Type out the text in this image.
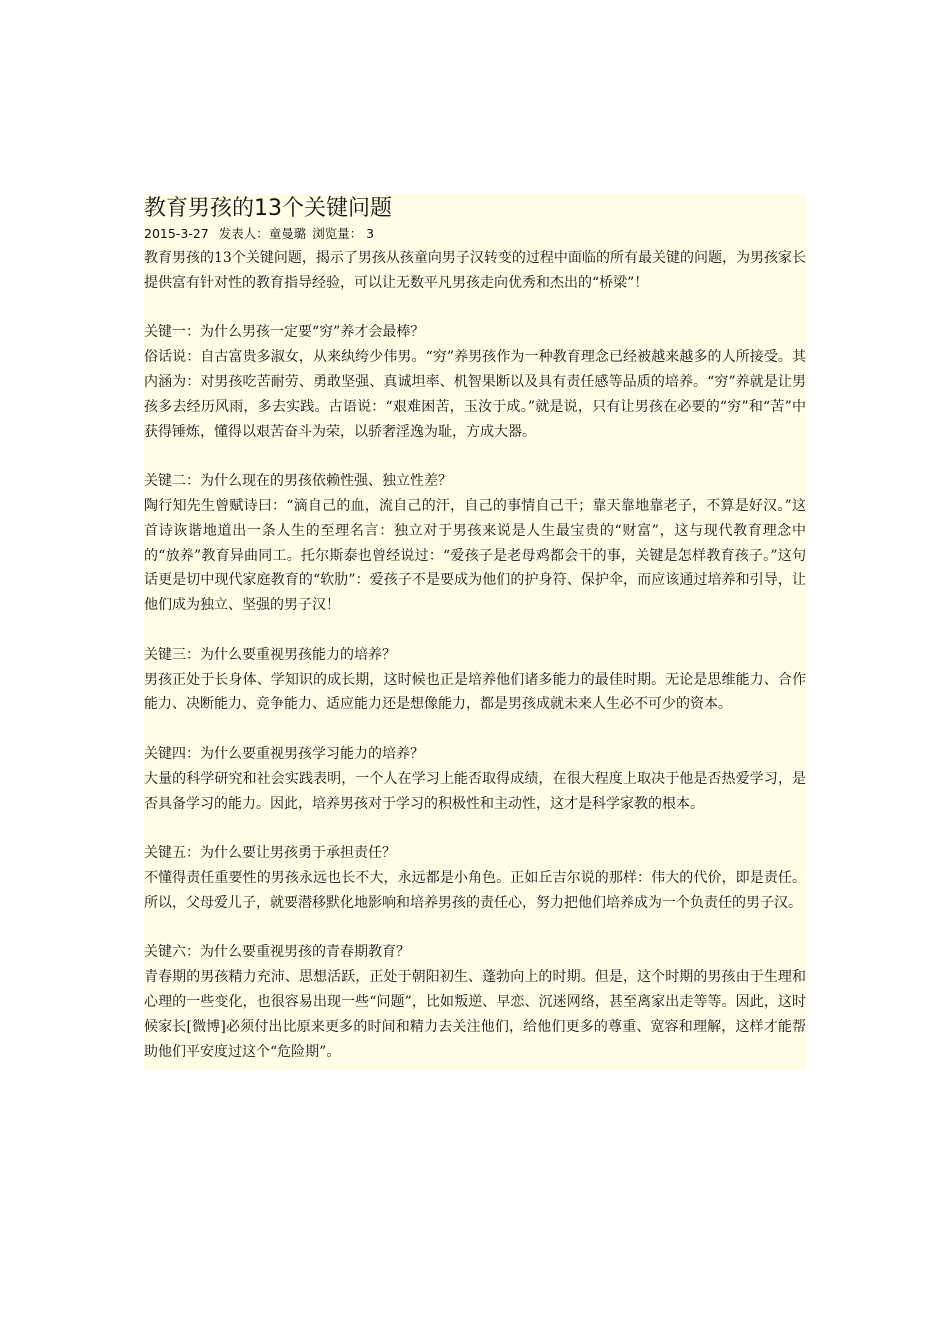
教育男孩的13个关键问题
2015-3-27 发表人：童曼璐 浏览量： 3

教育男孩的13个关键问题，揭示了男孩从孩童向男子汉转变的过程中面临的所有最关键的问题，为男孩家长提供富有针对性的教育指导经验，可以让无数平凡男孩走向优秀和杰出的“桥梁”！

关键一：为什么男孩一定要“穷”养才会最棒？

俗话说：自古富贵多淑女，从来纨绔少伟男。“穷”养男孩作为一种教育理念已经被越来越多的人所接受。其内涵为：对男孩吃苦耐劳、勇敢坚强、真诚坦率、机智果断以及具有责任感等品质的培养。“穷”养就是让男孩多去经历风雨，多去实践。古语说：“艰难困苦，玉汝于成。”就是说，只有让男孩在必要的“穷”和“苦”中获得锤炼，懂得以艰苦奋斗为荣，以骄奢淫逸为耻，方成大器。

关键二：为什么现在的男孩依赖性强、独立性差？

陶行知先生曾赋诗曰：“滴自己的血，流自己的汗，自己的事情自己干；靠天靠地靠老子，不算是好汉。”这首诗诙谐地道出一条人生的至理名言：独立对于男孩来说是人生最宝贵的“财富”，这与现代教育理念中的“放养”教育异曲同工。托尔斯泰也曾经说过：“爱孩子是老母鸡都会干的事，关键是怎样教育孩子。”这句话更是切中现代家庭教育的“软肋”：爱孩子不是要成为他们的护身符、保护伞，而应该通过培养和引导，让他们成为独立、坚强的男子汉！

关键三：为什么要重视男孩能力的培养？

男孩正处于长身体、学知识的成长期，这时候也正是培养他们诸多能力的最佳时期。无论是思维能力、合作能力、决断能力、竞争能力、适应能力还是想像能力，都是男孩成就未来人生必不可少的资本。

关键四：为什么要重视男孩学习能力的培养？

大量的科学研究和社会实践表明，一个人在学习上能否取得成绩，在很大程度上取决于他是否热爱学习，是否具备学习的能力。因此，培养男孩对于学习的积极性和主动性，这才是科学家教的根本。

关键五：为什么要让男孩勇于承担责任？

不懂得责任重要性的男孩永远也长不大，永远都是小角色。正如丘吉尔说的那样：伟大的代价，即是责任。所以，父母爱儿子，就要潜移默化地影响和培养男孩的责任心，努力把他们培养成为一个负责任的男子汉。

关键六：为什么要重视男孩的青春期教育？

青春期的男孩精力充沛、思想活跃，正处于朝阳初生、蓬勃向上的时期。但是，这个时期的男孩由于生理和心理的一些变化，也很容易出现一些“问题”，比如叛逆、早恋、沉迷网络，甚至离家出走等等。因此，这时候家长[微博]必须付出比原来更多的时间和精力去关注他们，给他们更多的尊重、宽容和理解，这样才能帮助他们平安度过这个“危险期”。
